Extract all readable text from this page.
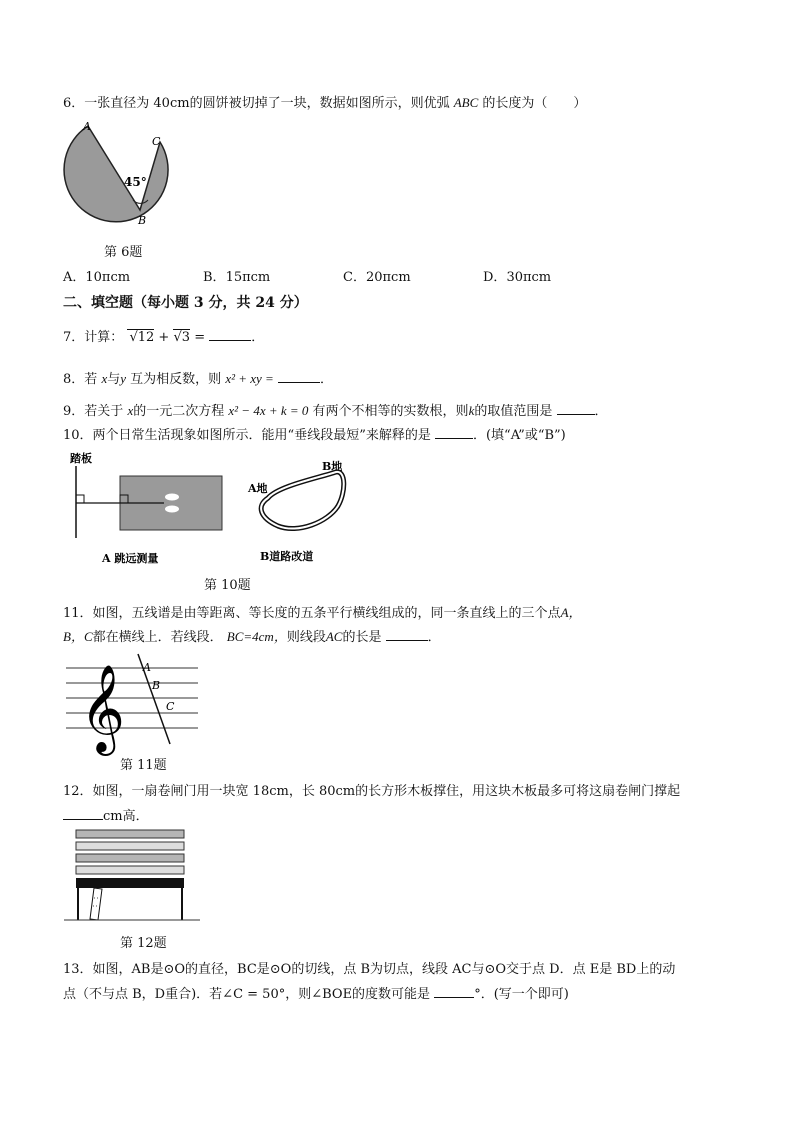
6．一张直径为 40cm的圆饼被切掉了一块，数据如图所示，则优弧 ABC 的长度为（　　）
A
C
B
45°
第 6题
A．10πcm	B．15πcm	C．20πcm	D．30πcm
二、填空题（每小题 3 分，共 24 分）
7．计算： √12 + √3 =	．
8．若 x与y 互为相反数，则 x² + xy =	．
9．若关于 x的一元二次方程 x² − 4x + k = 0 有两个不相等的实数根，则k的取值范围是	．
10．两个日常生活现象如图所示．能用“垂线段最短”来解释的是	．(填“A”或“B”)
踏板
A 跳远测量
B地
A地
B道路改道
第 10题
11．如图，五线谱是由等距离、等长度的五条平行横线组成的，同一条直线上的三个点A，
B，C都在横线上．若线段． BC=4cm，则线段AC的长是	．
𝄞 A
B
C
第 11题
12．如图，一扇卷闸门用一块宽 18cm，长 80cm的长方形木板撑住，用这块木板最多可将这扇卷闸门撑起
cm高．
第 12题
13．如图，AB是⊙O的直径，BC是⊙O的切线，点 B为切点，线段 AC与⊙O交于点 D．点 E是 BD上的动
点（不与点 B，D重合)．若∠C = 50°，则∠BOE的度数可能是	°．(写一个即可)
